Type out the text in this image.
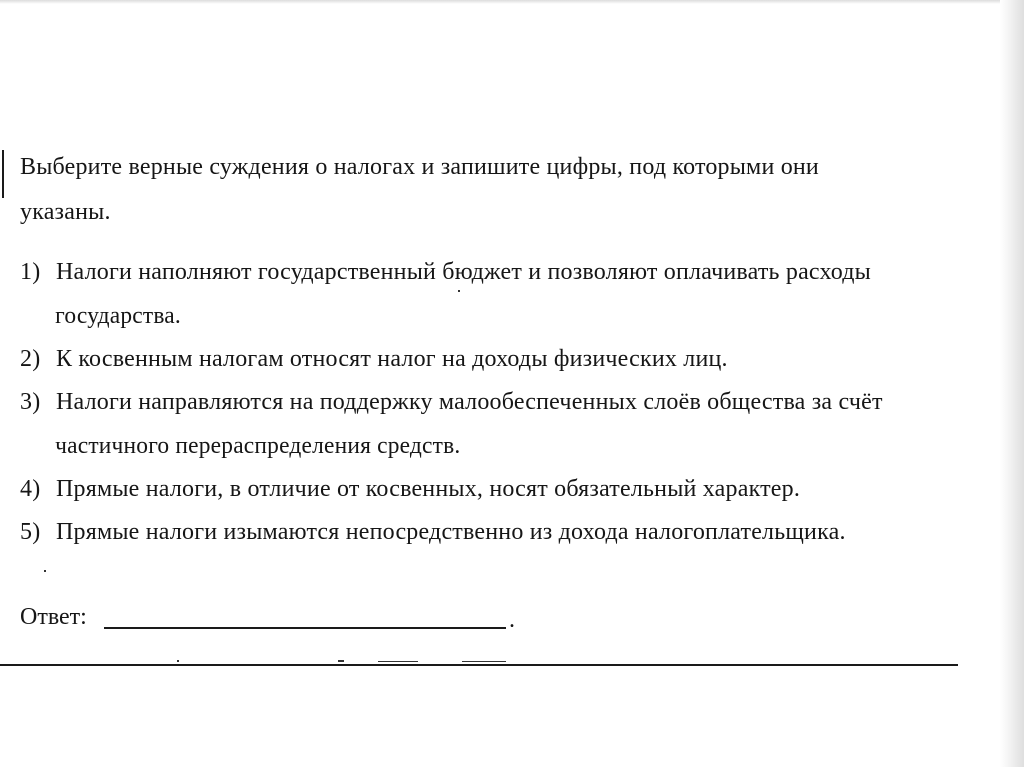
Выберите верные суждения о налогах и запишите цифры, под которыми они
указаны.
1) Налоги наполняют государственный бюджет и позволяют оплачивать расходы государства.
2) К косвенным налогам относят налог на доходы физических лиц.
3) Налоги направляются на поддержку малообеспеченных слоёв общества за счёт частичного перераспределения средств.
4) Прямые налоги, в отличие от косвенных, носят обязательный характер.
5) Прямые налоги изымаются непосредственно из дохода налогоплательщика.
Ответ:	.
